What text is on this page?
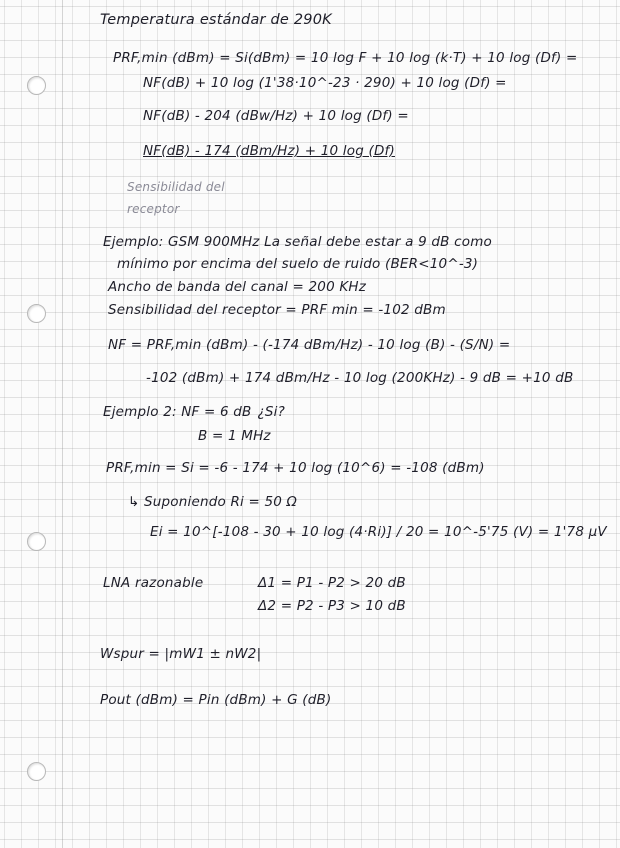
Temperatura estándar de 290K
PRF,min (dBm) = Si(dBm) = 10 log F + 10 log (k·T) + 10 log (Df) =
NF(dB) + 10 log (1'38·10^-23 · 290) + 10 log (Df) =
NF(dB) - 204 (dBw/Hz) + 10 log (Df) =
NF(dB) - 174 (dBm/Hz) + 10 log (Df)
Sensibilidad del receptor
Ejemplo: GSM 900MHz La señal debe estar a 9 dB como
mínimo por encima del suelo de ruido (BER<10^-3)
Ancho de banda del canal = 200 KHz
Sensibilidad del receptor = PRF min = -102 dBm
NF = PRF,min (dBm) - (-174 dBm/Hz) - 10 log (B) - (S/N) =
-102 (dBm) + 174 dBm/Hz - 10 log (200KHz) - 9 dB = +10 dB
Ejemplo 2: NF = 6 dB ¿Si?
B = 1 MHz
PRF,min = Si = -6 - 174 + 10 log (10^6) = -108 (dBm)
↳ Suponiendo Ri = 50 Ω
Ei = 10^[-108 - 30 + 10 log (4·Ri)] / 20 = 10^-5'75 (V) = 1'78 µV
LNA razonable	Δ1 = P1 - P2 > 20 dB
Δ2 = P2 - P3 > 10 dB
Wspur = |mW1 ± nW2|
Pout (dBm) = Pin (dBm) + G (dB)
